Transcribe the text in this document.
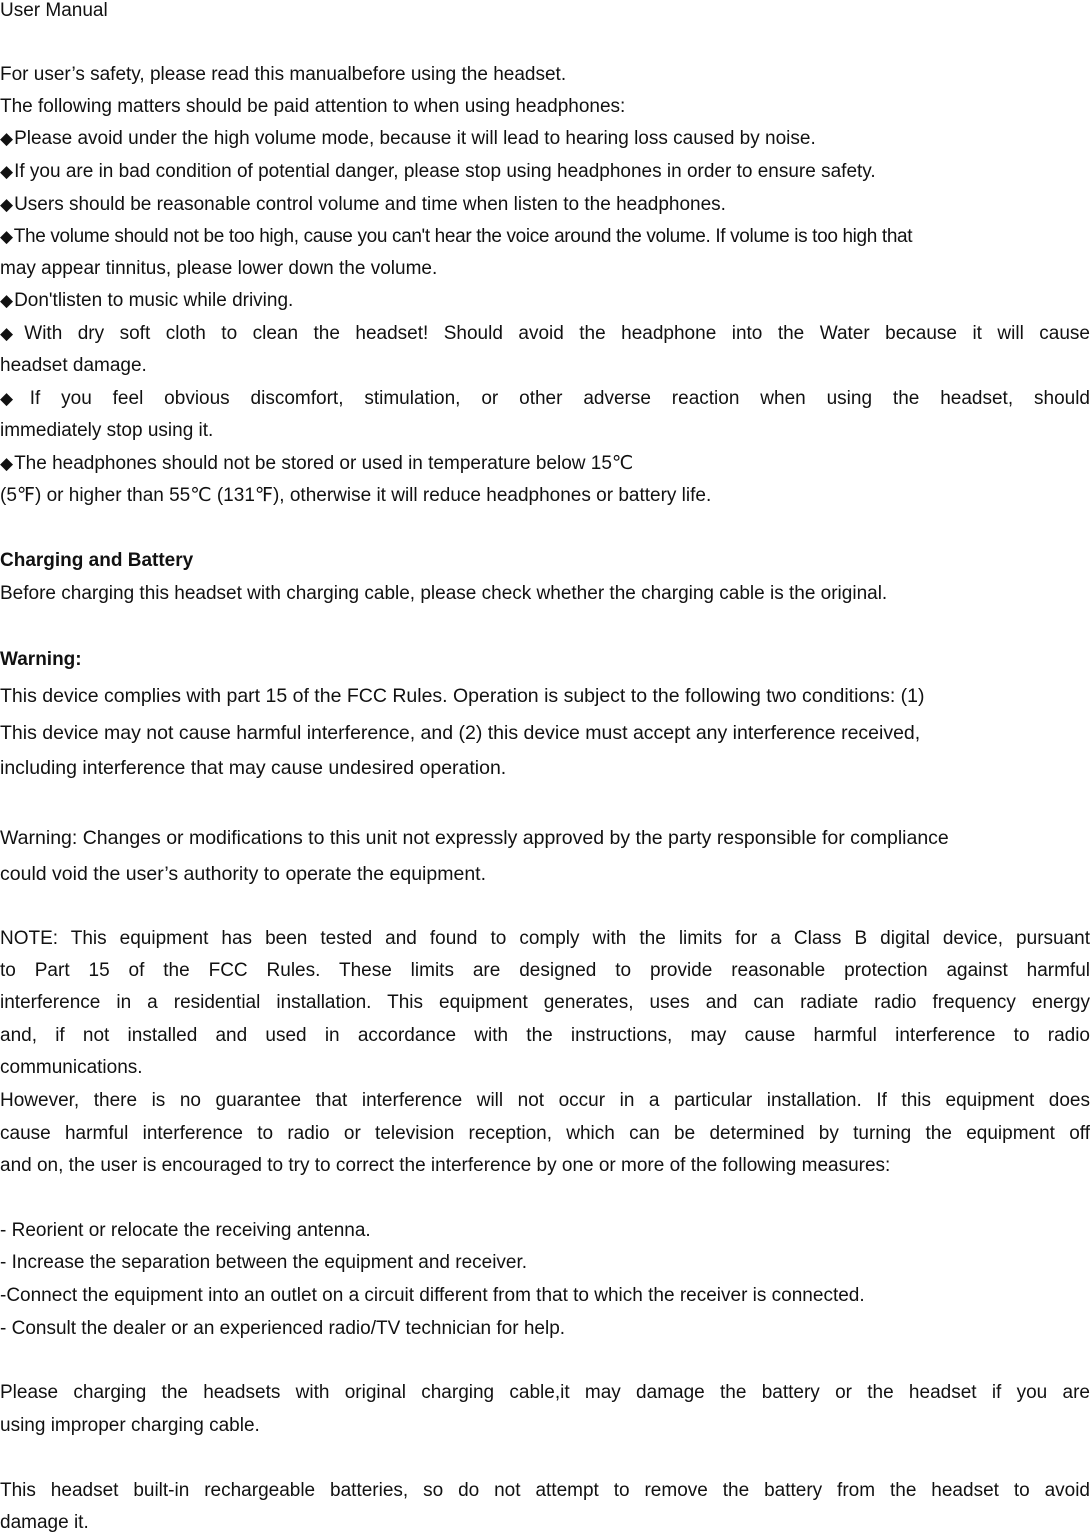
User Manual
For user’s safety, please read this manualbefore using the headset.
The following matters should be paid attention to when using headphones:
◆Please avoid under the high volume mode, because it will lead to hearing loss caused by noise.
◆If you are in bad condition of potential danger, please stop using headphones in order to ensure safety.
◆Users should be reasonable control volume and time when listen to the headphones.
◆The volume should not be too high, cause you can't hear the voice around the volume. If volume is too high that
may appear tinnitus, please lower down the volume.
◆Don'tlisten to music while driving.
◆With dry soft cloth to clean the headset! Should avoid the headphone into the Water because it will cause
headset damage.
◆If you feel obvious discomfort, stimulation, or other adverse reaction when using the headset, should
immediately stop using it.
◆The headphones should not be stored or used in temperature below 15℃
(5℉) or higher than 55℃ (131℉), otherwise it will reduce headphones or battery life.
Charging and Battery
Before charging this headset with charging cable, please check whether the charging cable is the original.
Warning:
This device complies with part 15 of the FCC Rules. Operation is subject to the following two conditions: (1)
This device may not cause harmful interference, and (2) this device must accept any interference received,
including interference that may cause undesired operation.
Warning: Changes or modifications to this unit not expressly approved by the party responsible for compliance
could void the user’s authority to operate the equipment.
NOTE: This equipment has been tested and found to comply with the limits for a Class B digital device, pursuant
to Part 15 of the FCC Rules. These limits are designed to provide reasonable protection against harmful
interference in a residential installation. This equipment generates, uses and can radiate radio frequency energy
and, if not installed and used in accordance with the instructions, may cause harmful interference to radio
communications.
However, there is no guarantee that interference will not occur in a particular installation. If this equipment does
cause harmful interference to radio or television reception, which can be determined by turning the equipment off
and on, the user is encouraged to try to correct the interference by one or more of the following measures:
- Reorient or relocate the receiving antenna.
- Increase the separation between the equipment and receiver.
-Connect the equipment into an outlet on a circuit different from that to which the receiver is connected.
- Consult the dealer or an experienced radio/TV technician for help.
Please charging the headsets with original charging cable,it may damage the battery or the headset if you are
using improper charging cable.
This headset built-in rechargeable batteries, so do not attempt to remove the battery from the headset to avoid
damage it.
